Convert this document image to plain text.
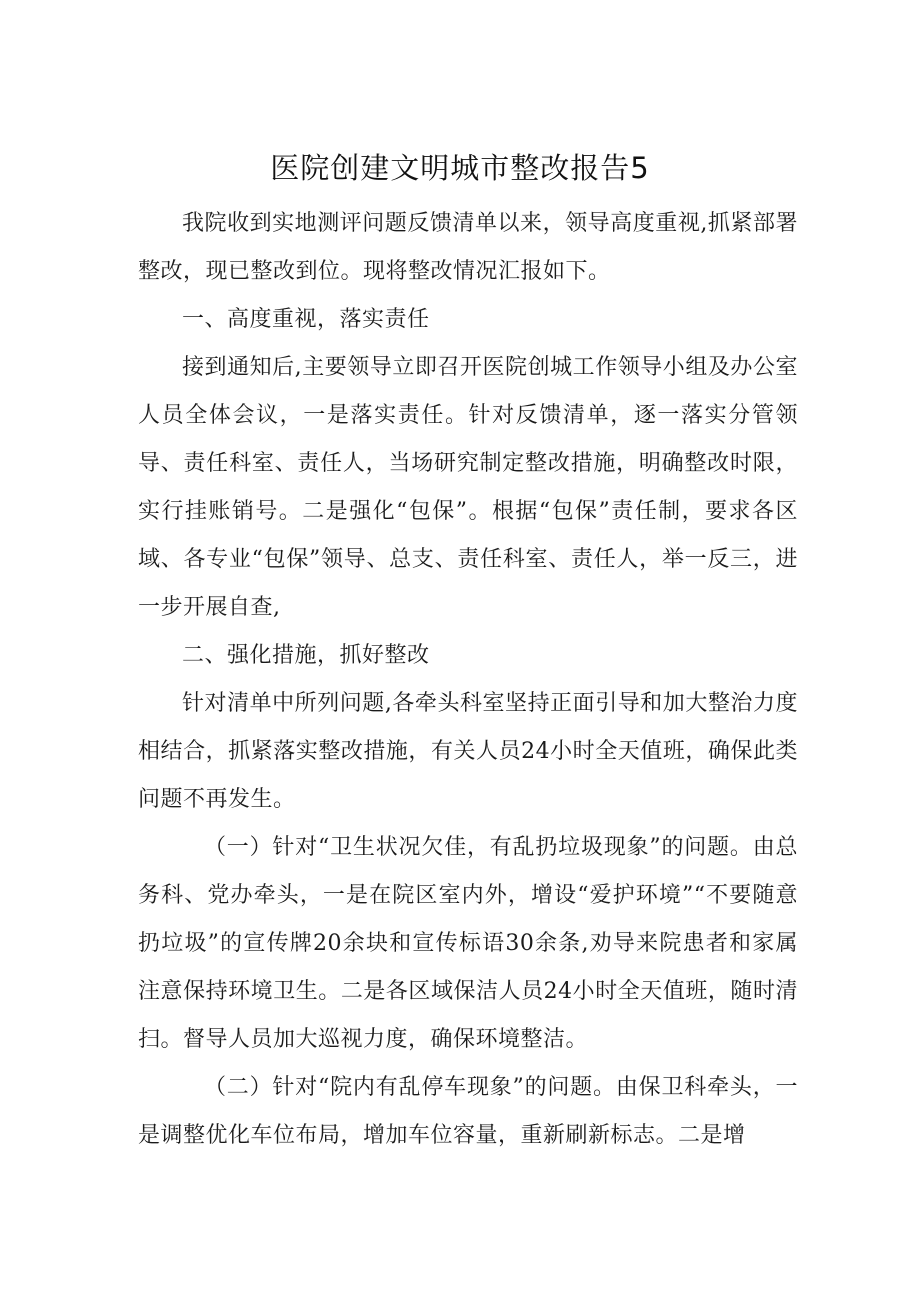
医院创建文明城市整改报告5

我院收到实地测评问题反馈清单以来，领导高度重视,抓紧部署整改，现已整改到位。现将整改情况汇报如下。

一、高度重视，落实责任

接到通知后,主要领导立即召开医院创城工作领导小组及办公室人员全体会议，一是落实责任。针对反馈清单，逐一落实分管领导、责任科室、责任人，当场研究制定整改措施，明确整改时限，实行挂账销号。二是强化“包保”。根据“包保”责任制，要求各区域、各专业“包保”领导、总支、责任科室、责任人，举一反三，进一步开展自查,

二、强化措施，抓好整改

针对清单中所列问题,各牵头科室坚持正面引导和加大整治力度相结合，抓紧落实整改措施，有关人员24小时全天值班，确保此类问题不再发生。

（一）针对“卫生状况欠佳，有乱扔垃圾现象”的问题。由总务科、党办牵头，一是在院区室内外，增设“爱护环境”“不要随意扔垃圾”的宣传牌20余块和宣传标语30余条,劝导来院患者和家属注意保持环境卫生。二是各区域保洁人员24小时全天值班，随时清扫。督导人员加大巡视力度，确保环境整洁。

（二）针对“院内有乱停车现象”的问题。由保卫科牵头，一是调整优化车位布局，增加车位容量，重新刷新标志。二是增
